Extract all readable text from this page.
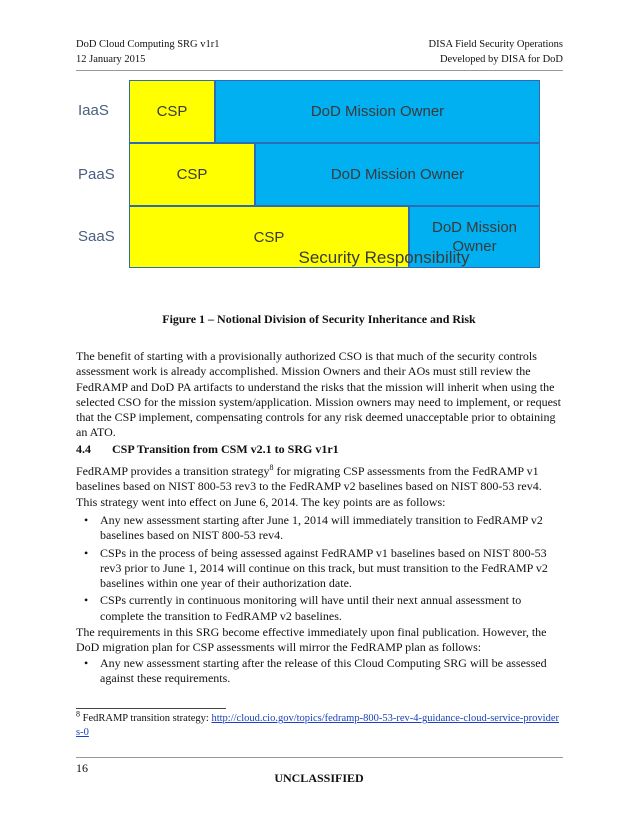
DoD Cloud Computing SRG v1r1
12 January 2015
DISA Field Security Operations
Developed by DISA for DoD
IaaS
PaaS
SaaS
CSP	DoD Mission Owner
CSP	DoD Mission Owner
CSP
DoD Mission
Owner
Security Responsibility
Figure 1 – Notional Division of Security Inheritance and Risk
The benefit of starting with a provisionally authorized CSO is that much of the security controls assessment work is already accomplished. Mission Owners and their AOs must still review the FedRAMP and DoD PA artifacts to understand the risks that the mission will inherit when using the selected CSO for the mission system/application. Mission owners may need to implement, or request that the CSP implement, compensating controls for any risk deemed unacceptable prior to obtaining an ATO.
4.4 CSP Transition from CSM v2.1 to SRG v1r1
FedRAMP provides a transition strategy$^8$ for migrating CSP assessments from the FedRAMP v1 baselines based on NIST 800-53 rev3 to the FedRAMP v2 baselines based on NIST 800-53 rev4. This strategy went into effect on June 6, 2014. The key points are as follows:
• Any new assessment starting after June 1, 2014 will immediately transition to FedRAMP v2 baselines based on NIST 800-53 rev4.
• CSPs in the process of being assessed against FedRAMP v1 baselines based on NIST 800-53 rev3 prior to June 1, 2014 will continue on this track, but must transition to the FedRAMP v2 baselines within one year of their authorization date.
• CSPs currently in continuous monitoring will have until their next annual assessment to complete the transition to FedRAMP v2 baselines.
The requirements in this SRG become effective immediately upon final publication. However, the DoD migration plan for CSP assessments will mirror the FedRAMP plan as follows:
• Any new assessment starting after the release of this Cloud Computing SRG will be assessed against these requirements.
$^8$ FedRAMP transition strategy: http://cloud.cio.gov/topics/fedramp-800-53-rev-4-guidance-cloud-service-providers-0
16
UNCLASSIFIED
